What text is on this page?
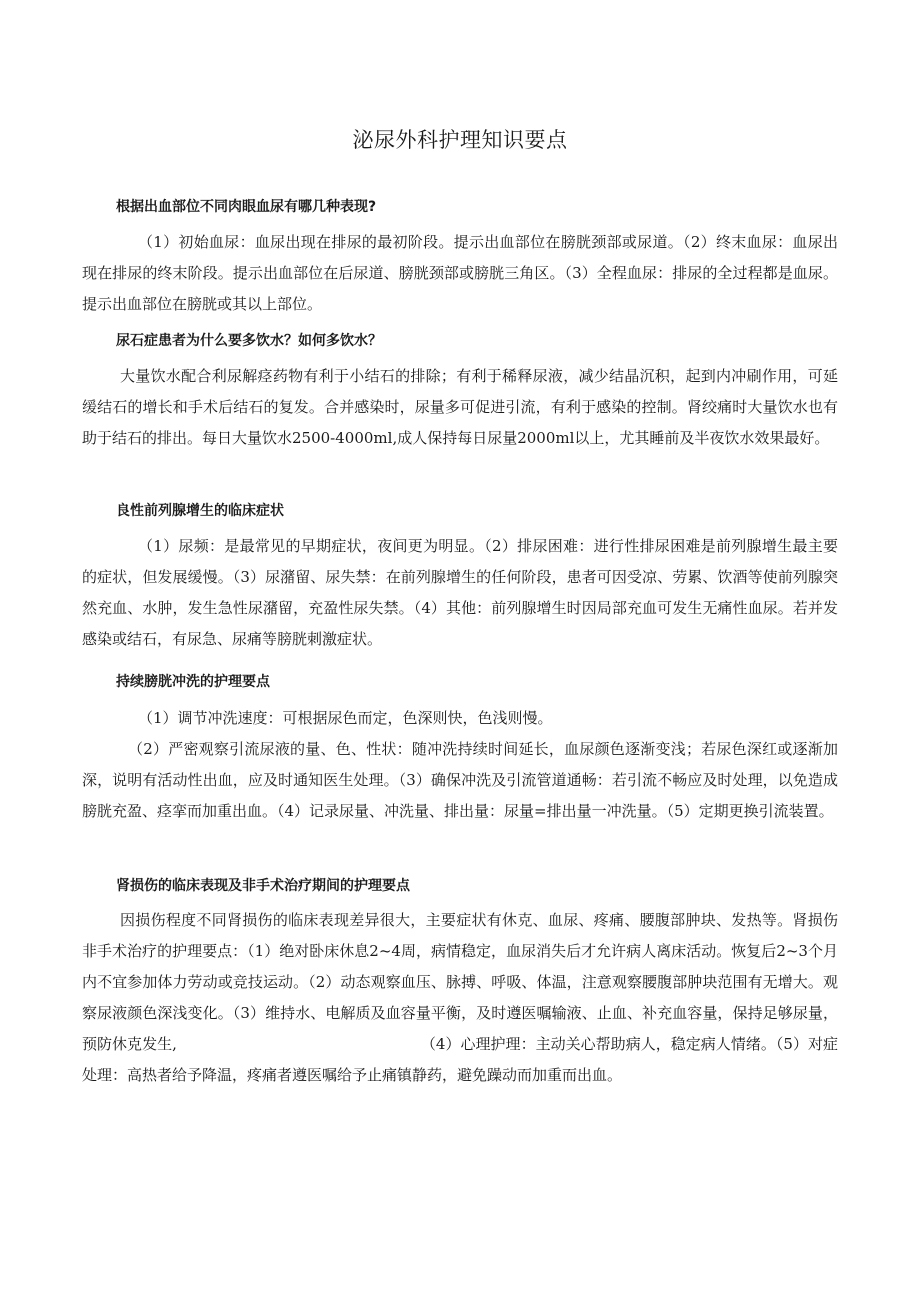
泌尿外科护理知识要点
根据出血部位不同肉眼血尿有哪几种表现?

（1）初始血尿：血尿出现在排尿的最初阶段。提示出血部位在膀胱颈部或尿道。（2）终末血尿：血尿出现在排尿的终末阶段。提示出血部位在后尿道、膀胱颈部或膀胱三角区。（3）全程血尿：排尿的全过程都是血尿。提示出血部位在膀胱或其以上部位。

尿石症患者为什么要多饮水？如何多饮水？

大量饮水配合利尿解痉药物有利于小结石的排除；有利于稀释尿液，减少结晶沉积，起到内冲刷作用，可延缓结石的增长和手术后结石的复发。合并感染时，尿量多可促进引流，有利于感染的控制。肾绞痛时大量饮水也有助于结石的排出。每日大量饮水2500-4000ml,成人保持每日尿量2000ml以上，尤其睡前及半夜饮水效果最好。

良性前列腺增生的临床症状

（1）尿频：是最常见的早期症状，夜间更为明显。（2）排尿困难：进行性排尿困难是前列腺增生最主要的症状，但发展缓慢。（3）尿潴留、尿失禁：在前列腺增生的任何阶段，患者可因受凉、劳累、饮酒等使前列腺突然充血、水肿，发生急性尿潴留，充盈性尿失禁。（4）其他：前列腺增生时因局部充血可发生无痛性血尿。若并发感染或结石，有尿急、尿痛等膀胱刺激症状。

持续膀胱冲洗的护理要点

（1）调节冲洗速度：可根据尿色而定，色深则快，色浅则慢。

（2）严密观察引流尿液的量、色、性状：随冲洗持续时间延长，血尿颜色逐渐变浅；若尿色深红或逐渐加深，说明有活动性出血，应及时通知医生处理。（3）确保冲洗及引流管道通畅：若引流不畅应及时处理，以免造成膀胱充盈、痉挛而加重出血。（4）记录尿量、冲洗量、排出量：尿量=排出量一冲洗量。（5）定期更换引流装置。

肾损伤的临床表现及非手术治疗期间的护理要点

因损伤程度不同肾损伤的临床表现差异很大，主要症状有休克、血尿、疼痛、腰腹部肿块、发热等。肾损伤非手术治疗的护理要点：（1）绝对卧床休息2~4周，病情稳定，血尿消失后才允许病人离床活动。恢复后2~3个月内不宜参加体力劳动或竞技运动。（2）动态观察血压、脉搏、呼吸、体温，注意观察腰腹部肿块范围有无增大。观察尿液颜色深浅变化。（3）维持水、电解质及血容量平衡，及时遵医嘱输液、止血、补充血容量，保持足够尿量，预防休克发生,	（4）心理护理：主动关心帮助病人，稳定病人情绪。（5）对症处理：高热者给予降温，疼痛者遵医嘱给予止痛镇静药，避免躁动而加重而出血。
